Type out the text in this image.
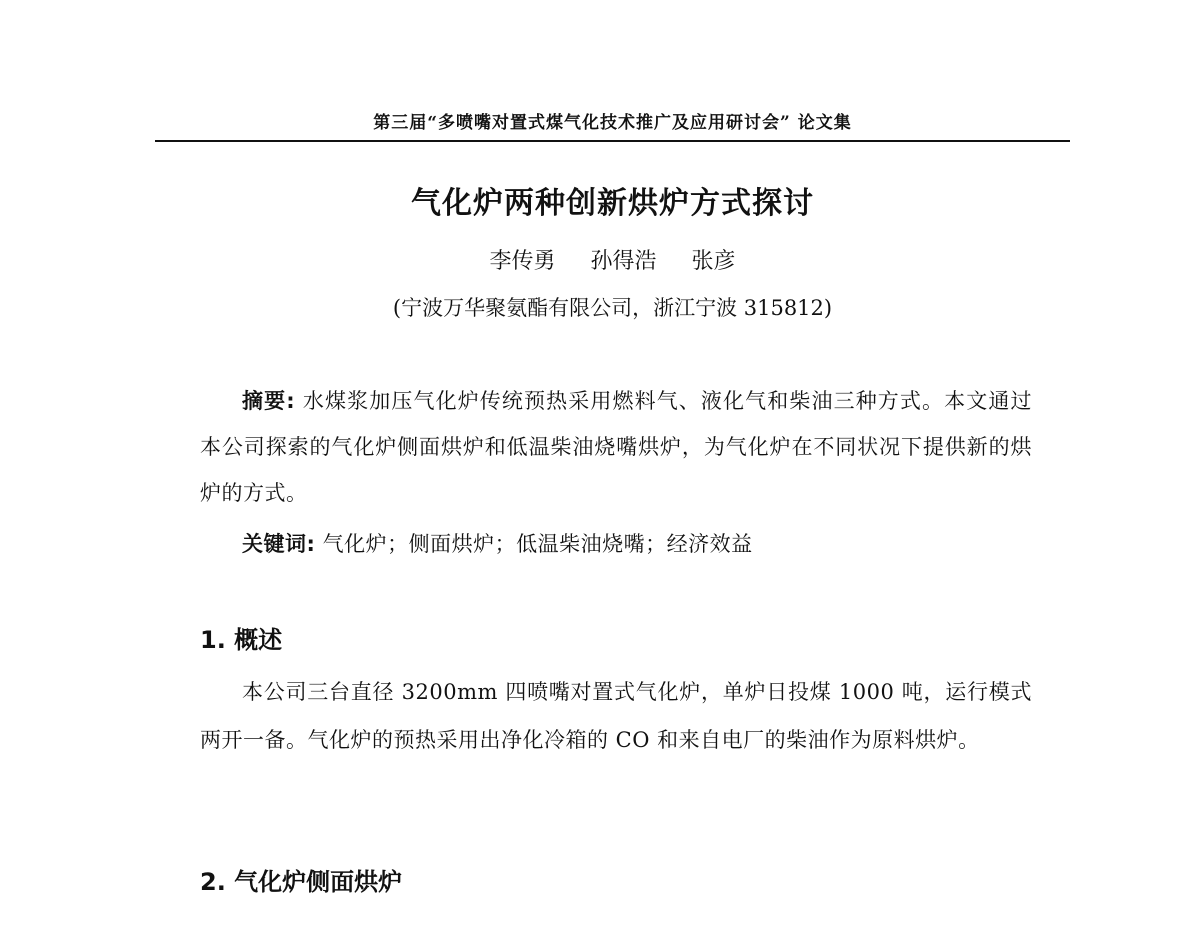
第三届“多喷嘴对置式煤气化技术推广及应用研讨会” 论文集
气化炉两种创新烘炉方式探讨
李传勇 孙得浩 张彦
(宁波万华聚氨酯有限公司，浙江宁波 315812)
摘要: 水煤浆加压气化炉传统预热采用燃料气、液化气和柴油三种方式。本文通过本公司探索的气化炉侧面烘炉和低温柴油烧嘴烘炉，为气化炉在不同状况下提供新的烘炉的方式。
关键词: 气化炉；侧面烘炉；低温柴油烧嘴；经济效益
1. 概述
本公司三台直径 3200mm 四喷嘴对置式气化炉，单炉日投煤 1000 吨，运行模式两开一备。气化炉的预热采用出净化冷箱的 CO 和来自电厂的柴油作为原料烘炉。
2. 气化炉侧面烘炉
